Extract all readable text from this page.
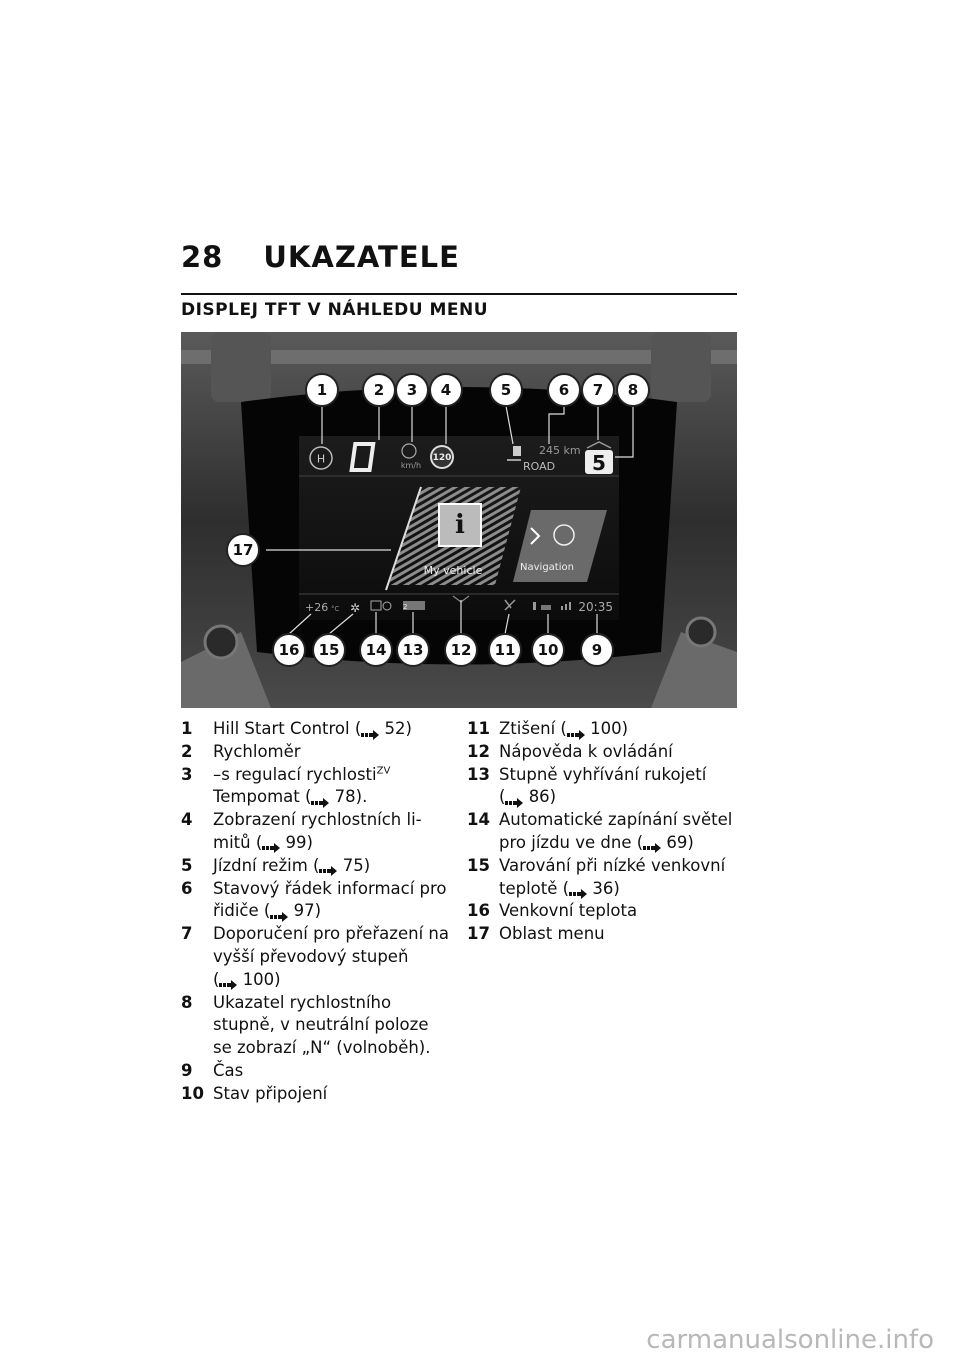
28 UKAZATELE
DISPLEJ TFT V NÁHLEDU MENU
H	km/h
120
245 km
ROAD 5
i
My vehicle	Navigation
+26 °C ✲	2	20:35
1	2 3 4	5	6 7 8
9
10
11
12
13
14
15
16
17
1	Hill Start Control ( 52)
2	Rychloměr
3	–s regulací rychlosti$^{ZV}$
Tempomat ( 78).
4	Zobrazení rychlostních li-mitů ( 99)
5	Jízdní režim ( 75)
6	Stavový řádek informací pro řidiče ( 97)
7	Doporučení pro přeřazení na vyšší převodový stupeň ( 100)
8	Ukazatel rychlostního stupně, v neutrální poloze se zobrazí „N“ (volnoběh).
9	Čas
10 Stav připojení
11 Ztišení ( 100)
12 Nápověda k ovládání
13 Stupně vyhřívání rukojetí ( 86)
14 Automatické zapínání světel pro jízdu ve dne ( 69)
15 Varování při nízké venkovní teplotě ( 36)
16 Venkovní teplota
17 Oblast menu
carmanualsonline.info
